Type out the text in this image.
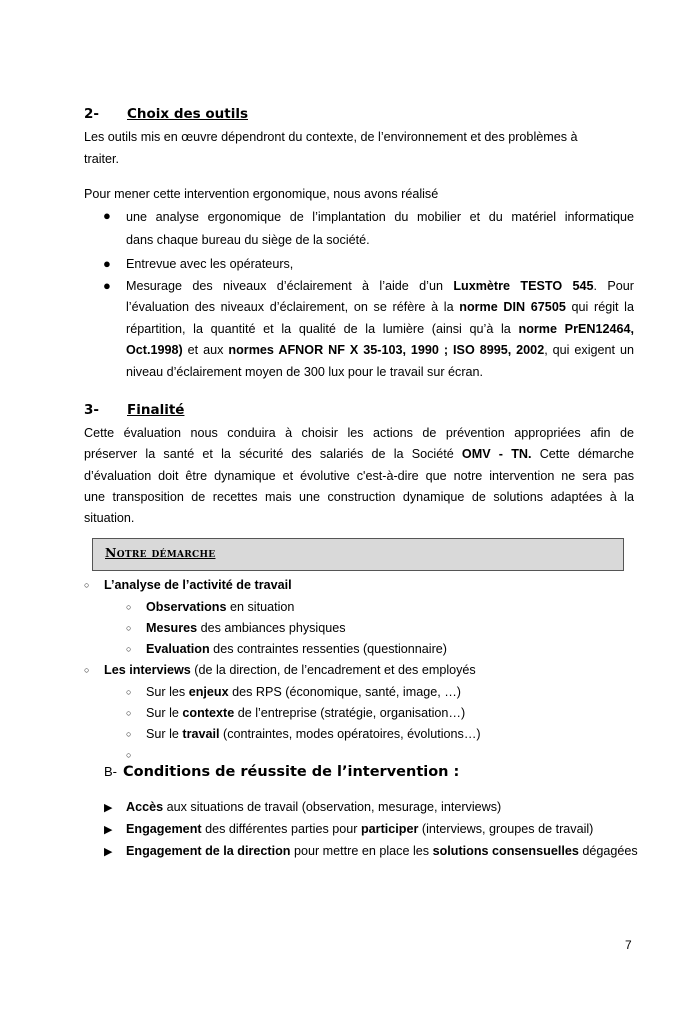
2- Choix des outils
Les outils mis en œuvre dépendront du contexte, de l’environnement et des problèmes à
traiter.
Pour mener cette intervention ergonomique, nous avons réalisé
● une analyse ergonomique de l’implantation du mobilier et du matériel informatique
dans chaque bureau du siège de la société.
● Entrevue avec les opérateurs,
● Mesurage des niveaux d’éclairement à l’aide d’un Luxmètre TESTO 545. Pour
l’évaluation des niveaux d’éclairement, on se réfère à la norme DIN 67505 qui régit la
répartition, la quantité et la qualité de la lumière (ainsi qu’à la norme PrEN12464,
Oct.1998) et aux normes AFNOR NF X 35-103, 1990 ; ISO 8995, 2002, qui exigent un
niveau d’éclairement moyen de 300 lux pour le travail sur écran.
3- Finalité
Cette évaluation nous conduira à choisir les actions de prévention appropriées afin de
préserver la santé et la sécurité des salariés de la Société OMV - TN. Cette démarche
d’évaluation doit être dynamique et évolutive c'est-à-dire que notre intervention ne sera pas
une transposition de recettes mais une construction dynamique de solutions adaptées à la
situation.
Notre démarche
○ L’analyse de l’activité de travail
○ Observations en situation
○ Mesures des ambiances physiques
○ Evaluation des contraintes ressenties (questionnaire)
○ Les interviews (de la direction, de l’encadrement et des employés
○ Sur les enjeux des RPS (économique, santé, image, …)
○ Sur le contexte de l’entreprise (stratégie, organisation…)
○ Sur le travail (contraintes, modes opératoires, évolutions…)
○
B- Conditions de réussite de l’intervention :
▶ Accès aux situations de travail (observation, mesurage, interviews)
▶ Engagement des différentes parties pour participer (interviews, groupes de travail)
▶ Engagement de la direction pour mettre en place les solutions consensuelles dégagées
7
